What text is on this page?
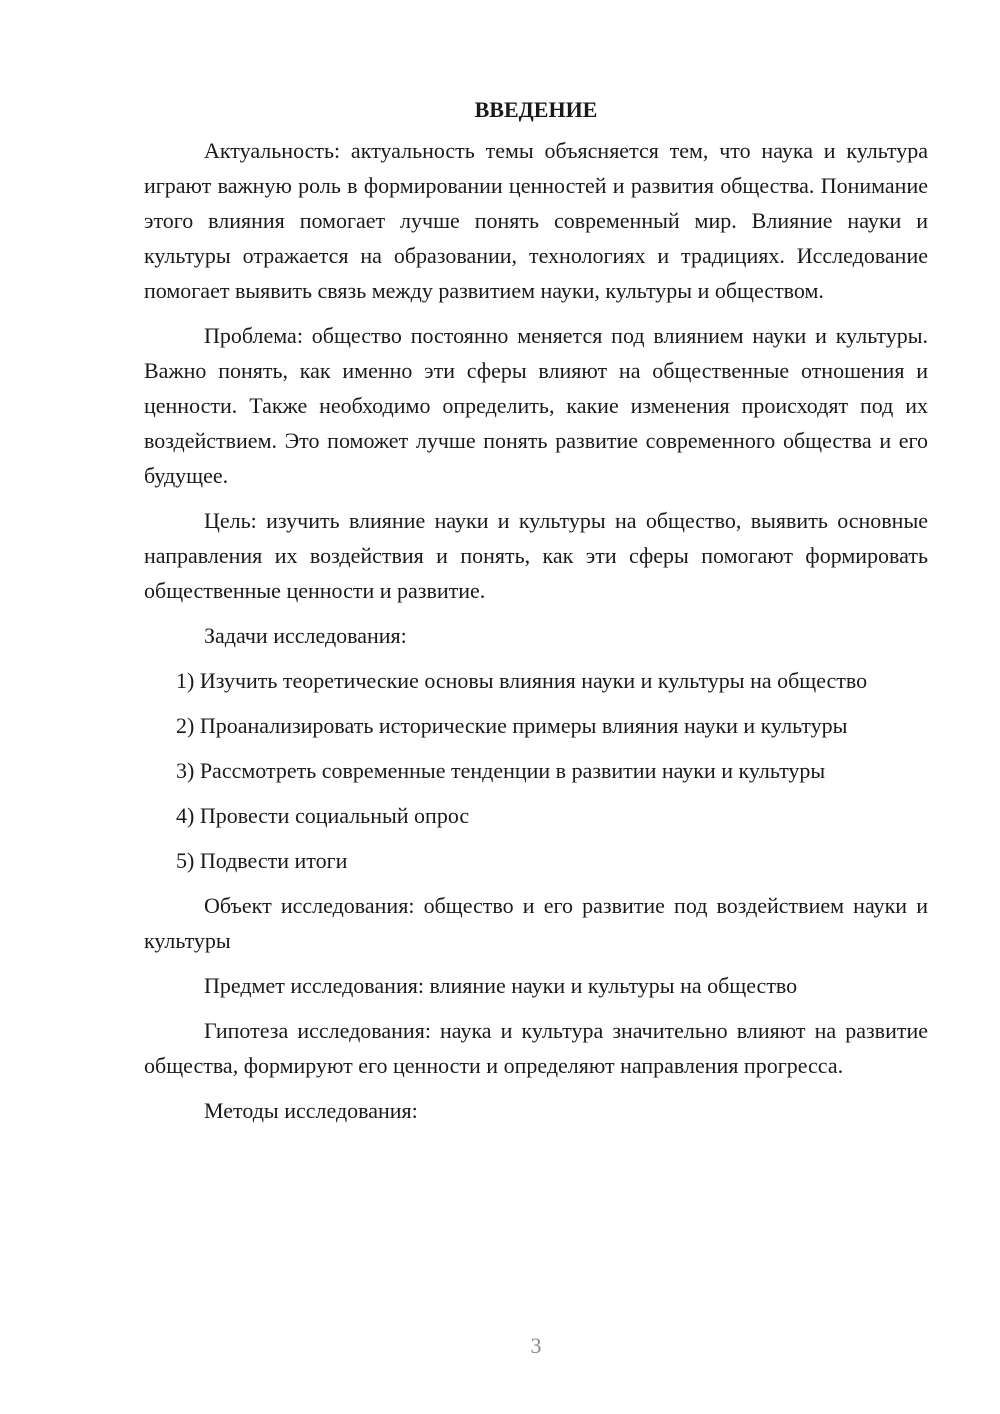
ВВЕДЕНИЕ

Актуальность: актуальность темы объясняется тем, что наука и культура играют важную роль в формировании ценностей и развития общества. Понимание этого влияния помогает лучше понять современный мир. Влияние науки и культуры отражается на образовании, технологиях и традициях. Исследование помогает выявить связь между развитием науки, культуры и обществом.

Проблема: общество постоянно меняется под влиянием науки и культуры. Важно понять, как именно эти сферы влияют на общественные отношения и ценности. Также необходимо определить, какие изменения происходят под их воздействием. Это поможет лучше понять развитие современного общества и его будущее.

Цель: изучить влияние науки и культуры на общество, выявить основные направления их воздействия и понять, как эти сферы помогают формировать общественные ценности и развитие.

Задачи исследования:

1) Изучить теоретические основы влияния науки и культуры на общество

2) Проанализировать исторические примеры влияния науки и культуры

3) Рассмотреть современные тенденции в развитии науки и культуры

4) Провести социальный опрос

5) Подвести итоги

Объект исследования: общество и его развитие под воздействием науки и культуры

Предмет исследования: влияние науки и культуры на общество

Гипотеза исследования: наука и культура значительно влияют на развитие общества, формируют его ценности и определяют направления прогресса.

Методы исследования:

3
